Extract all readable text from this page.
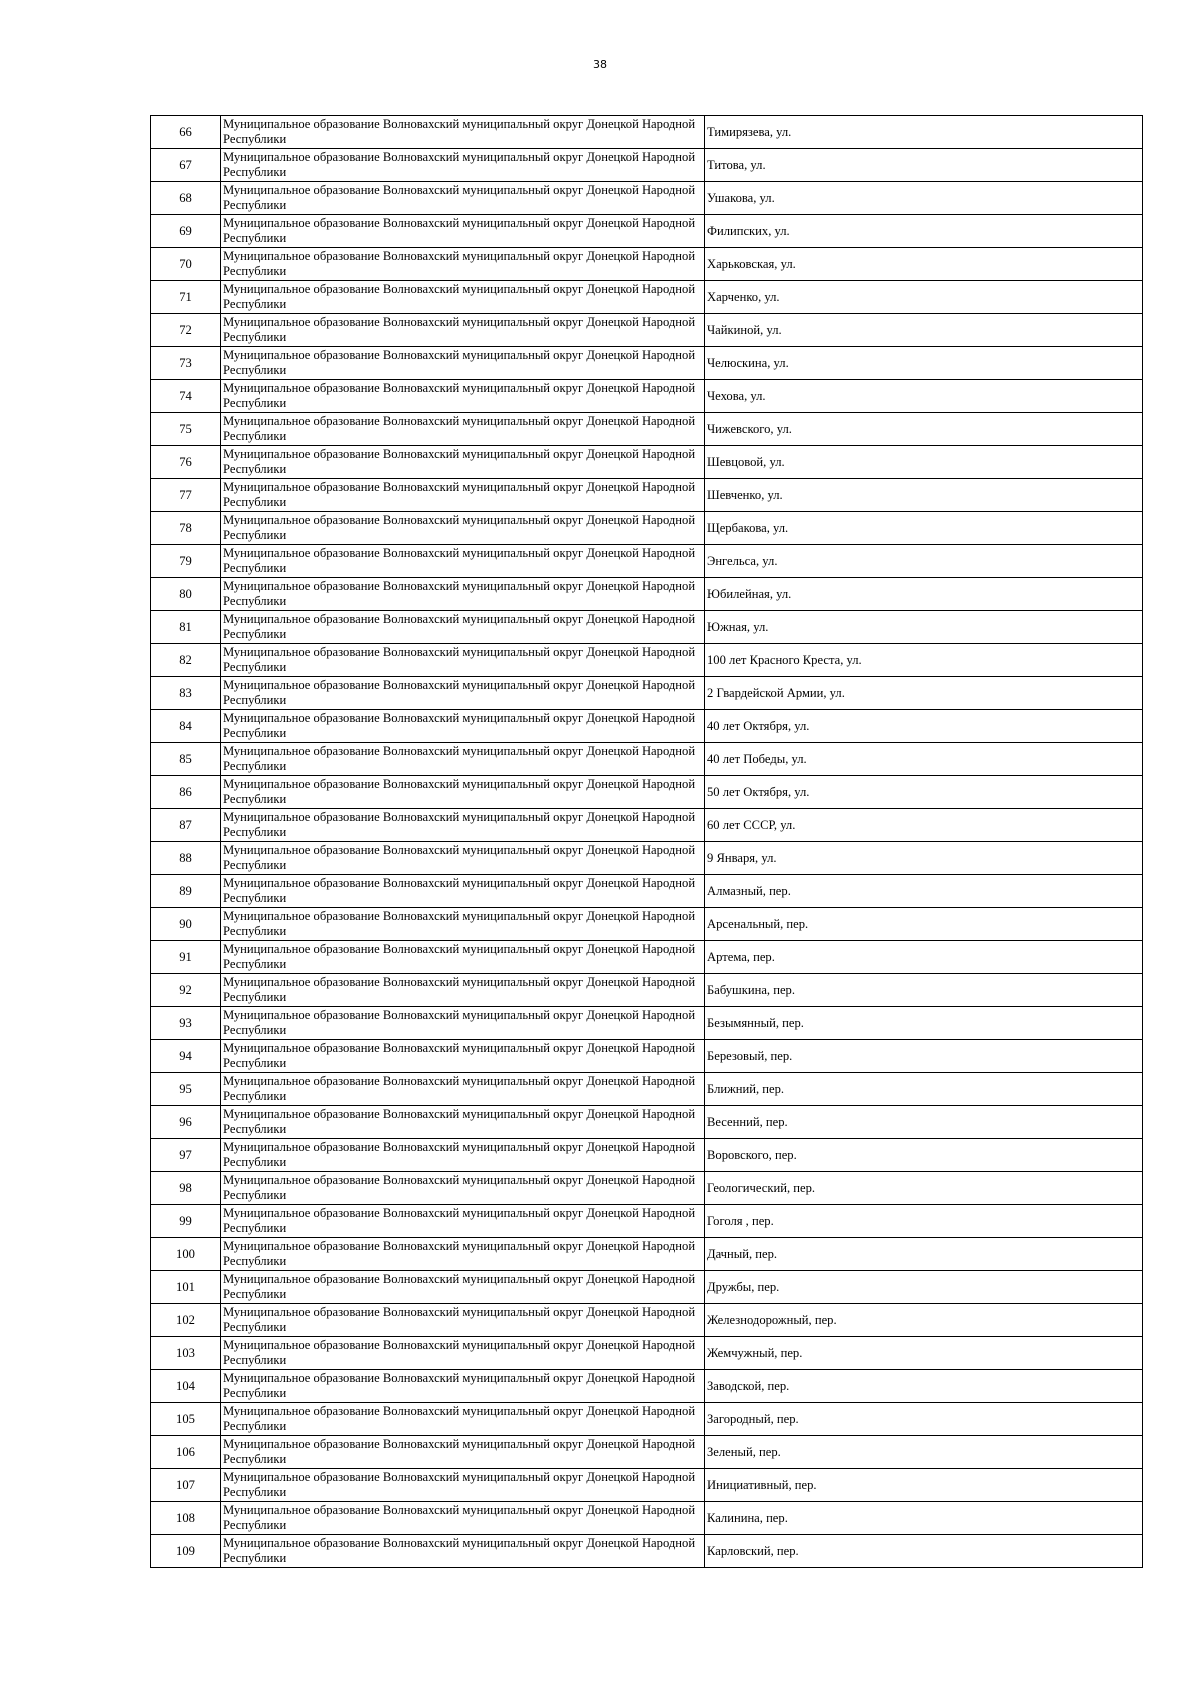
38
66	Муниципальное образование Волновахский муниципальный округ Донецкой Народной Республики	Тимирязева, ул.
67	Муниципальное образование Волновахский муниципальный округ Донецкой Народной Республики	Титова, ул.
68	Муниципальное образование Волновахский муниципальный округ Донецкой Народной Республики	Ушакова, ул.
69	Муниципальное образование Волновахский муниципальный округ Донецкой Народной Республики	Филипских, ул.
70	Муниципальное образование Волновахский муниципальный округ Донецкой Народной Республики	Харьковская, ул.
71	Муниципальное образование Волновахский муниципальный округ Донецкой Народной Республики	Харченко, ул.
72	Муниципальное образование Волновахский муниципальный округ Донецкой Народной Республики	Чайкиной, ул.
73	Муниципальное образование Волновахский муниципальный округ Донецкой Народной Республики	Челюскина, ул.
74	Муниципальное образование Волновахский муниципальный округ Донецкой Народной Республики	Чехова, ул.
75	Муниципальное образование Волновахский муниципальный округ Донецкой Народной Республики	Чижевского, ул.
76	Муниципальное образование Волновахский муниципальный округ Донецкой Народной Республики	Шевцовой, ул.
77	Муниципальное образование Волновахский муниципальный округ Донецкой Народной Республики	Шевченко, ул.
78	Муниципальное образование Волновахский муниципальный округ Донецкой Народной Республики	Щербакова, ул.
79	Муниципальное образование Волновахский муниципальный округ Донецкой Народной Республики	Энгельса, ул.
80	Муниципальное образование Волновахский муниципальный округ Донецкой Народной Республики	Юбилейная, ул.
81	Муниципальное образование Волновахский муниципальный округ Донецкой Народной Республики	Южная, ул.
82	Муниципальное образование Волновахский муниципальный округ Донецкой Народной Республики	100 лет Красного Креста, ул.
83	Муниципальное образование Волновахский муниципальный округ Донецкой Народной Республики	2 Гвардейской Армии, ул.
84	Муниципальное образование Волновахский муниципальный округ Донецкой Народной Республики	40 лет Октября, ул.
85	Муниципальное образование Волновахский муниципальный округ Донецкой Народной Республики	40 лет Победы, ул.
86	Муниципальное образование Волновахский муниципальный округ Донецкой Народной Республики	50 лет Октября, ул.
87	Муниципальное образование Волновахский муниципальный округ Донецкой Народной Республики	60 лет СССР, ул.
88	Муниципальное образование Волновахский муниципальный округ Донецкой Народной Республики	9 Января, ул.
89	Муниципальное образование Волновахский муниципальный округ Донецкой Народной Республики	Алмазный, пер.
90	Муниципальное образование Волновахский муниципальный округ Донецкой Народной Республики	Арсенальный, пер.
91	Муниципальное образование Волновахский муниципальный округ Донецкой Народной Республики	Артема, пер.
92	Муниципальное образование Волновахский муниципальный округ Донецкой Народной Республики	Бабушкина, пер.
93	Муниципальное образование Волновахский муниципальный округ Донецкой Народной Республики	Безымянный, пер.
94	Муниципальное образование Волновахский муниципальный округ Донецкой Народной Республики	Березовый, пер.
95	Муниципальное образование Волновахский муниципальный округ Донецкой Народной Республики	Ближний, пер.
96	Муниципальное образование Волновахский муниципальный округ Донецкой Народной Республики	Весенний, пер.
97	Муниципальное образование Волновахский муниципальный округ Донецкой Народной Республики	Воровского, пер.
98	Муниципальное образование Волновахский муниципальный округ Донецкой Народной Республики	Геологический, пер.
99	Муниципальное образование Волновахский муниципальный округ Донецкой Народной Республики	Гоголя , пер.
100	Муниципальное образование Волновахский муниципальный округ Донецкой Народной Республики	Дачный, пер.
101	Муниципальное образование Волновахский муниципальный округ Донецкой Народной Республики	Дружбы, пер.
102	Муниципальное образование Волновахский муниципальный округ Донецкой Народной Республики	Железнодорожный, пер.
103	Муниципальное образование Волновахский муниципальный округ Донецкой Народной Республики	Жемчужный, пер.
104	Муниципальное образование Волновахский муниципальный округ Донецкой Народной Республики	Заводской, пер.
105	Муниципальное образование Волновахский муниципальный округ Донецкой Народной Республики	Загородный, пер.
106	Муниципальное образование Волновахский муниципальный округ Донецкой Народной Республики	Зеленый, пер.
107	Муниципальное образование Волновахский муниципальный округ Донецкой Народной Республики	Инициативный, пер.
108	Муниципальное образование Волновахский муниципальный округ Донецкой Народной Республики	Калинина, пер.
109	Муниципальное образование Волновахский муниципальный округ Донецкой Народной Республики	Карловский, пер.
